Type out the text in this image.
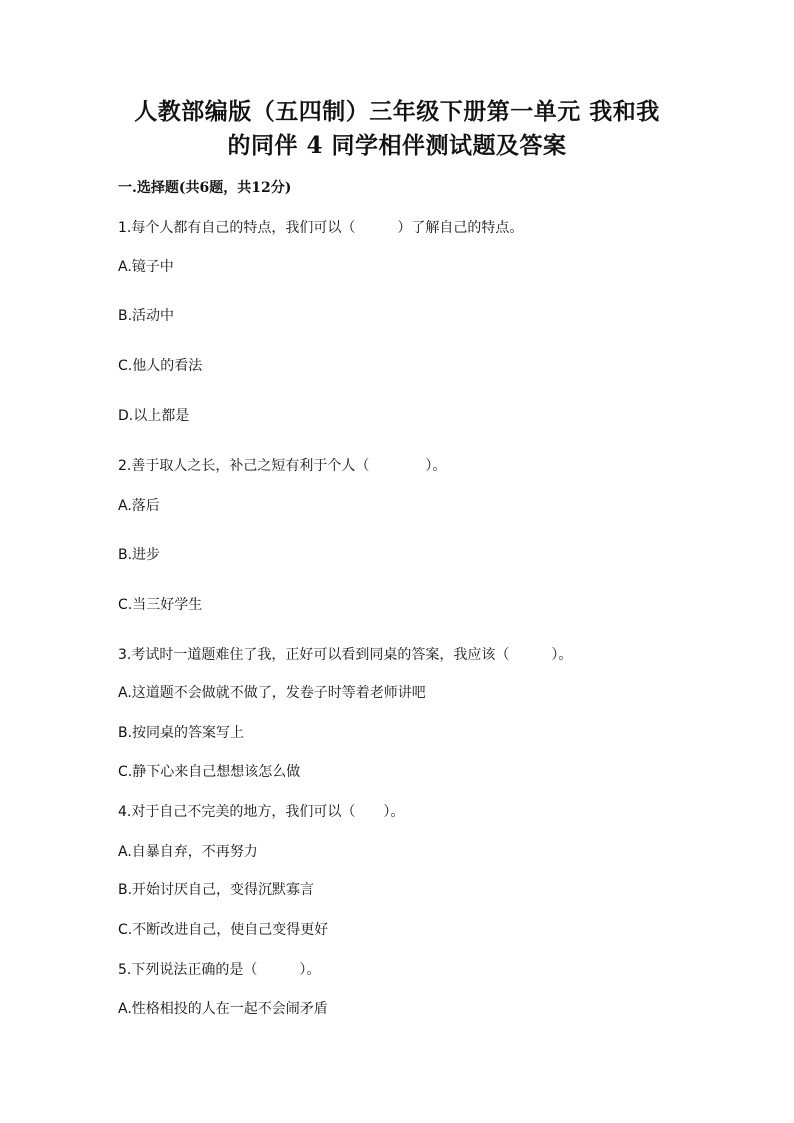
人教部编版（五四制）三年级下册第一单元 我和我
的同伴 4 同学相伴测试题及答案
一.选择题(共6题，共12分)
1.每个人都有自己的特点，我们可以（　　　）了解自己的特点。
A.镜子中
B.活动中
C.他人的看法
D.以上都是
2.善于取人之长，补己之短有利于个人（　　　　）。
A.落后
B.进步
C.当三好学生
3.考试时一道题难住了我，正好可以看到同桌的答案，我应该（　　　）。
A.这道题不会做就不做了，发卷子时等着老师讲吧
B.按同桌的答案写上
C.静下心来自己想想该怎么做
4.对于自己不完美的地方，我们可以（　　）。
A.自暴自弃，不再努力
B.开始讨厌自己，变得沉默寡言
C.不断改进自己，使自己变得更好
5.下列说法正确的是（　　　）。
A.性格相投的人在一起不会闹矛盾
